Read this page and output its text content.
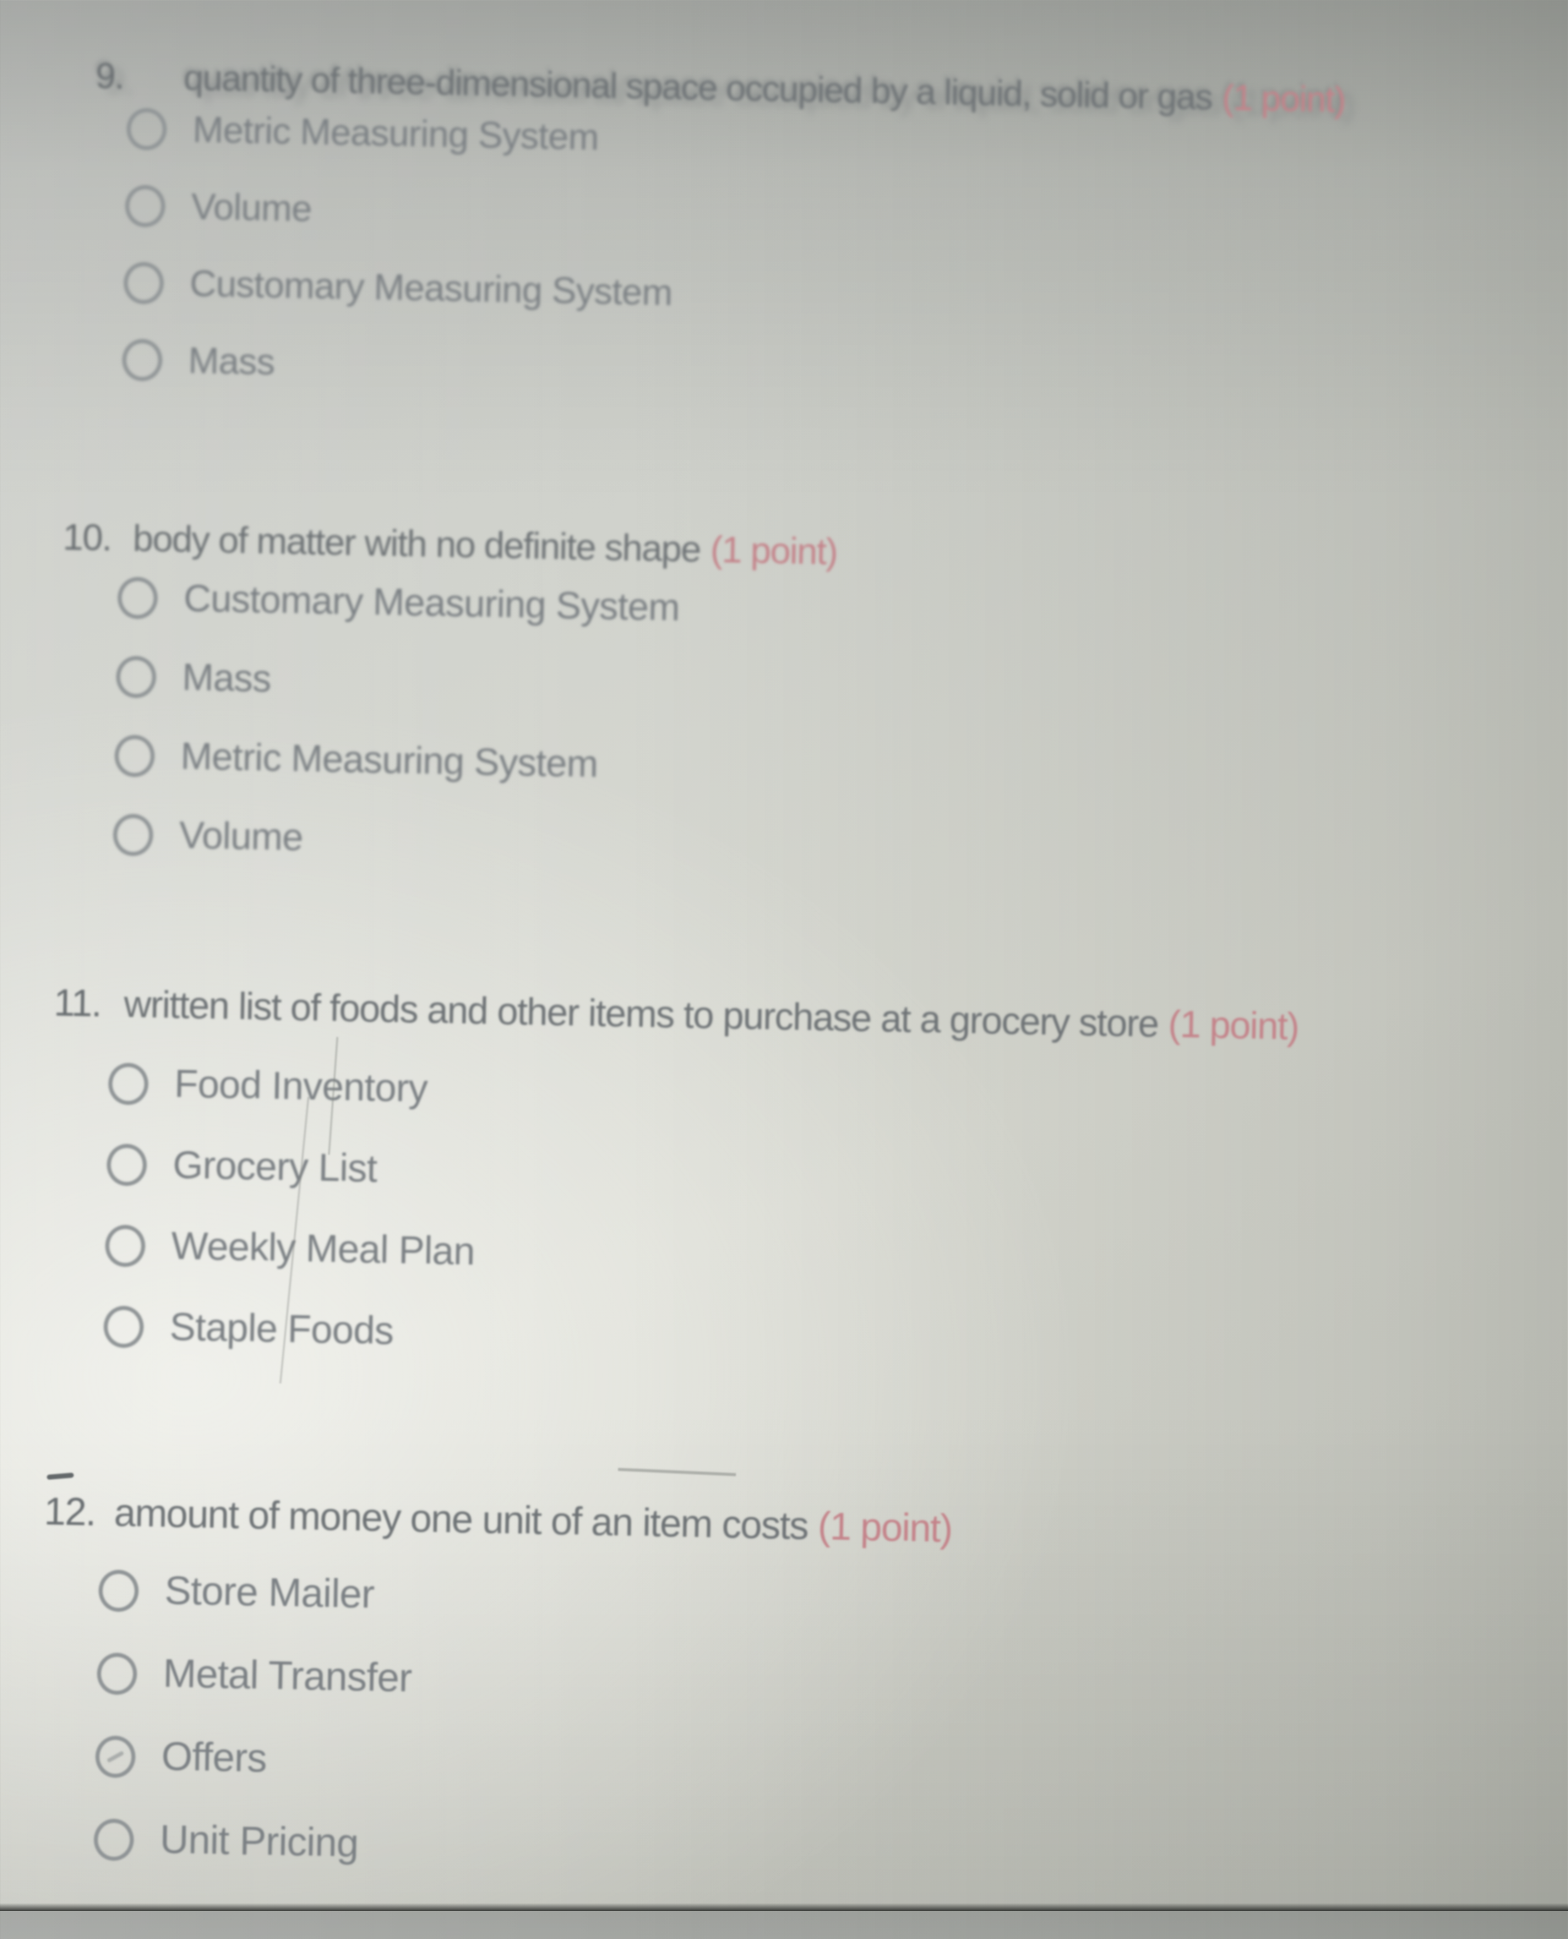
9. quantity of three-dimensional space occupied by a liquid, solid or gas (1 point)
Metric Measuring System
Volume
Customary Measuring System
Mass
10. body of matter with no definite shape (1 point)
Customary Measuring System
Mass
Metric Measuring System
Volume
11. written list of foods and other items to purchase at a grocery store (1 point)
Food Inventory
Grocery List
Weekly Meal Plan
Staple Foods
12. amount of money one unit of an item costs (1 point)
Store Mailer
Metal Transfer
Offers
Unit Pricing
